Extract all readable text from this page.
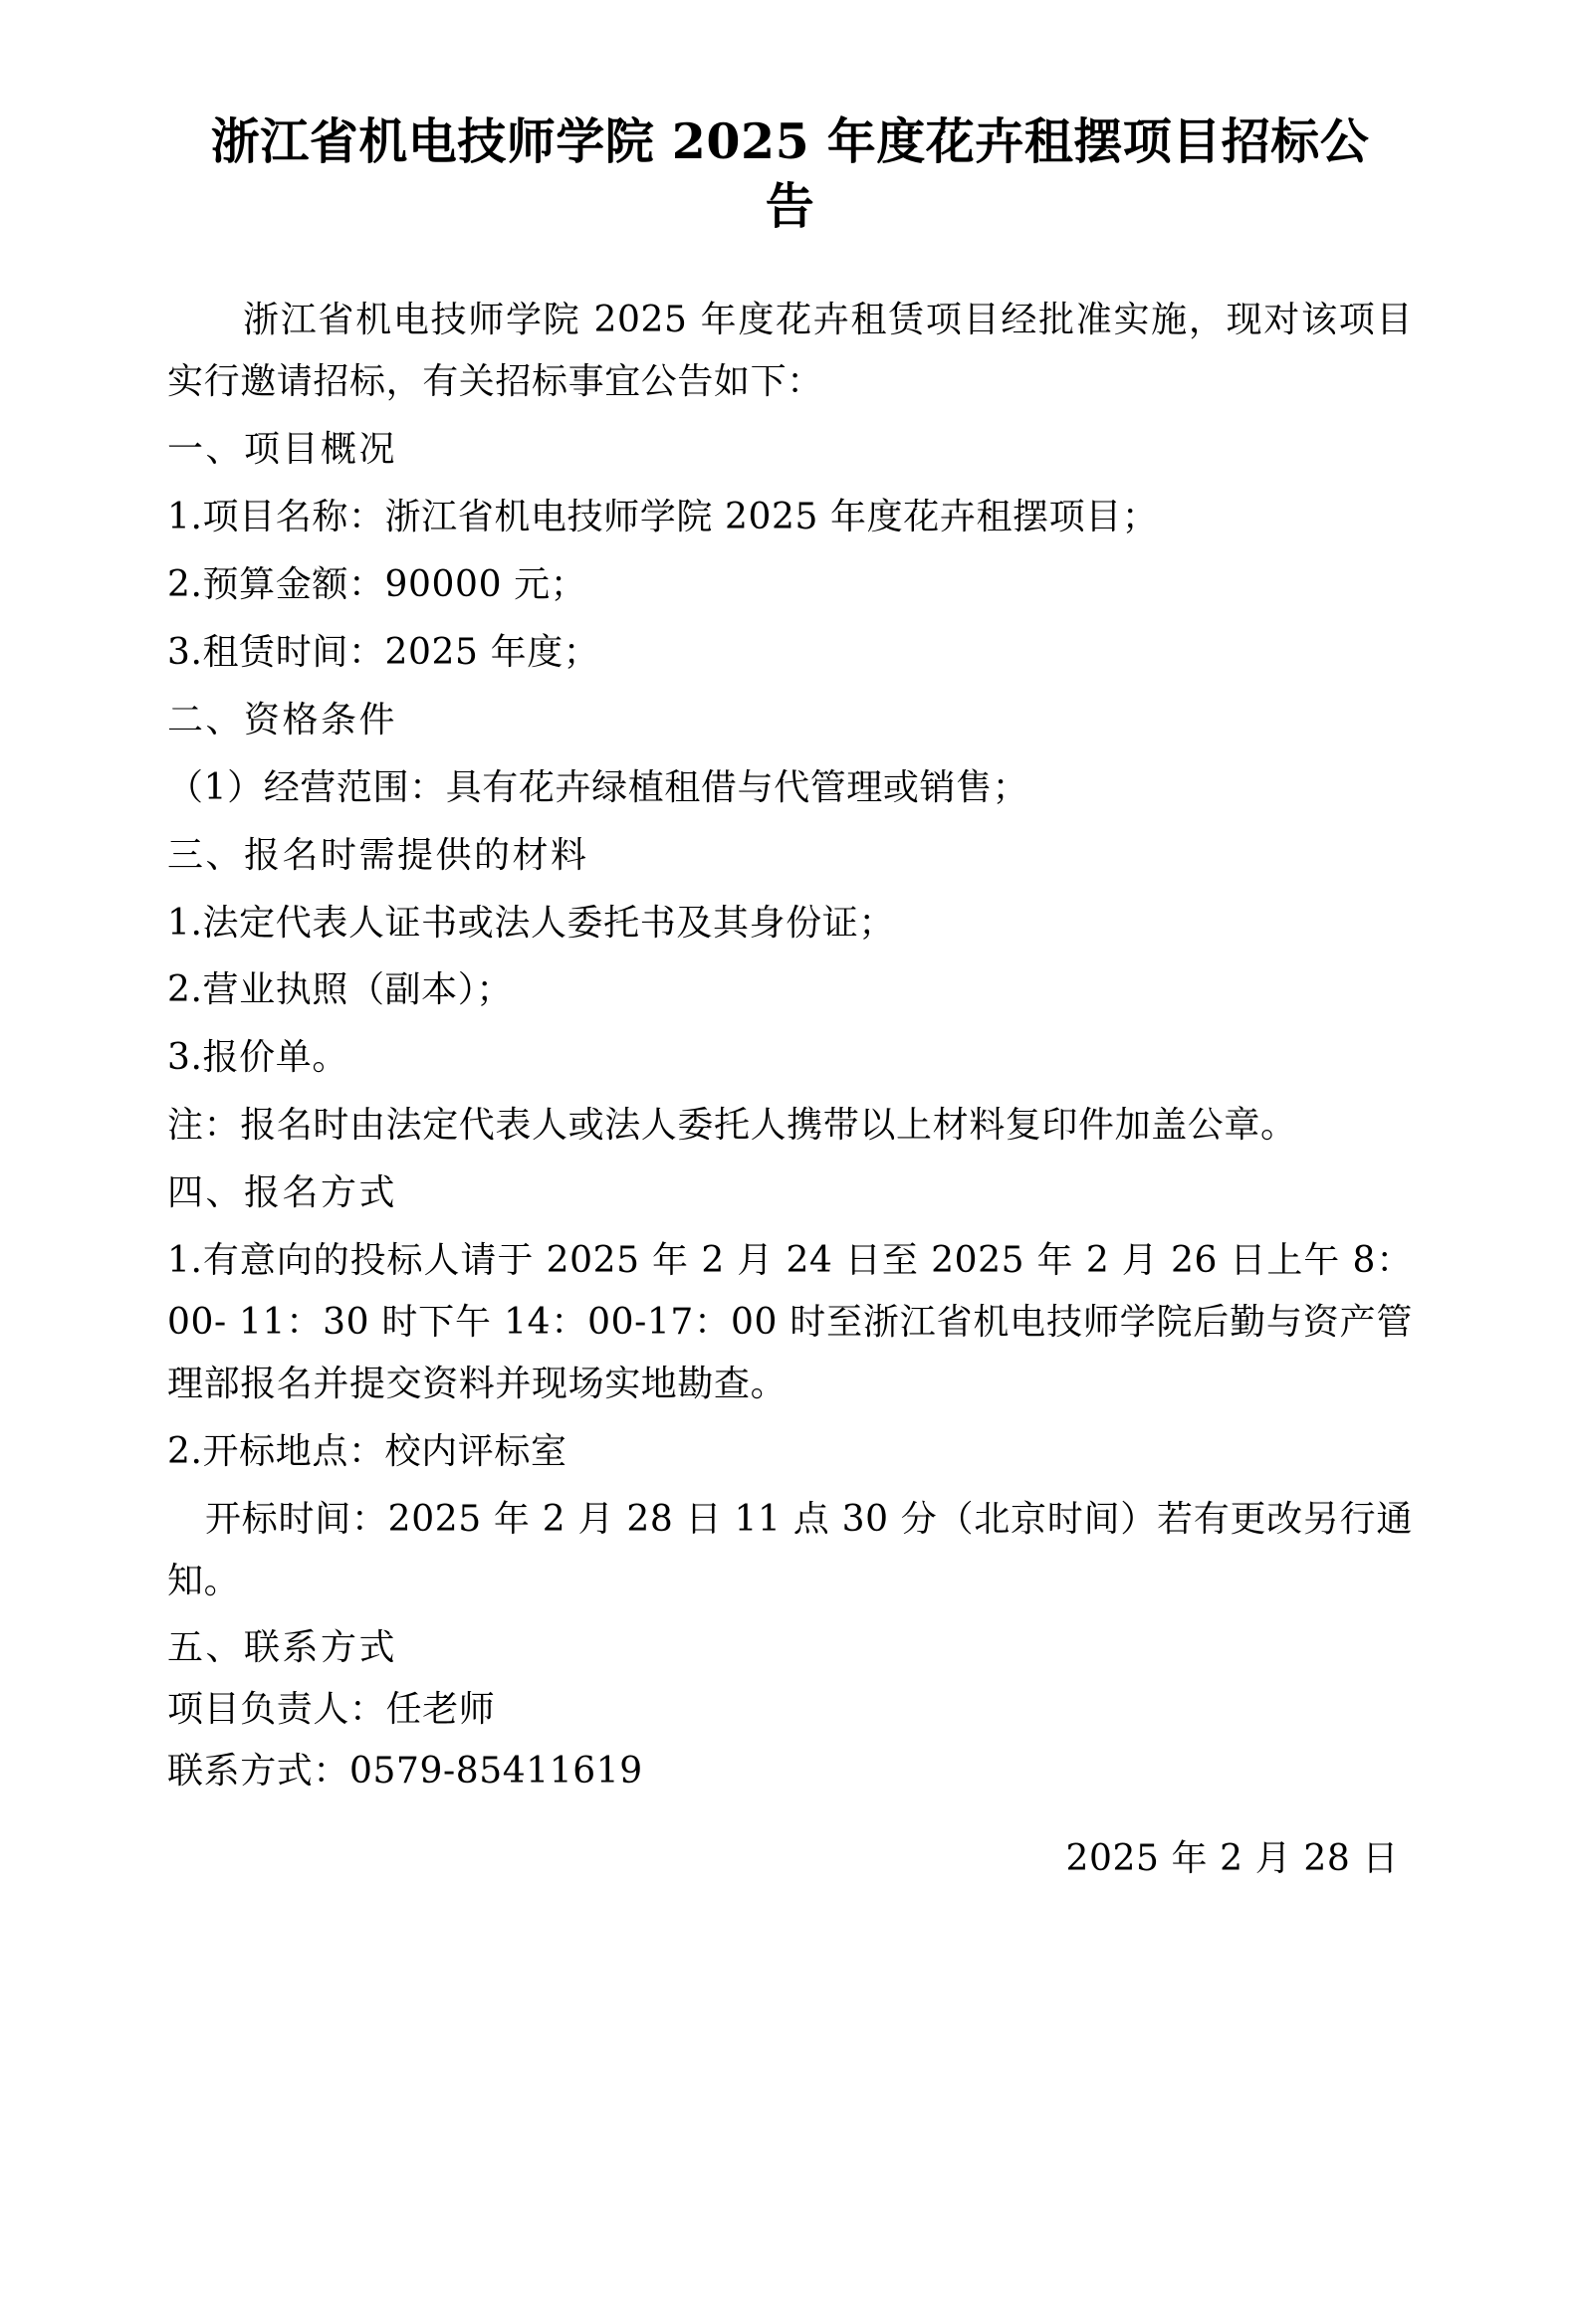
浙江省机电技师学院 2025 年度花卉租摆项目招标公告

浙江省机电技师学院 2025 年度花卉租赁项目经批准实施，现对该项目实行邀请招标，有关招标事宜公告如下：

一、项目概况

1.项目名称：浙江省机电技师学院 2025 年度花卉租摆项目；

2.预算金额：90000 元；

3.租赁时间：2025 年度；

二、资格条件

（1）经营范围：具有花卉绿植租借与代管理或销售；

三、报名时需提供的材料

1.法定代表人证书或法人委托书及其身份证；

2.营业执照（副本）；

3.报价单。

注：报名时由法定代表人或法人委托人携带以上材料复印件加盖公章。

四、报名方式

1.有意向的投标人请于 2025 年 2 月 24 日至 2025 年 2 月 26 日上午 8：00- 11：30 时下午 14：00-17：00 时至浙江省机电技师学院后勤与资产管理部报名并提交资料并现场实地勘查。

2.开标地点：校内评标室

开标时间：2025 年 2 月 28 日 11 点 30 分（北京时间）若有更改另行通知。

五、联系方式

项目负责人：任老师

联系方式：0579-85411619

2025 年 2 月 28 日
